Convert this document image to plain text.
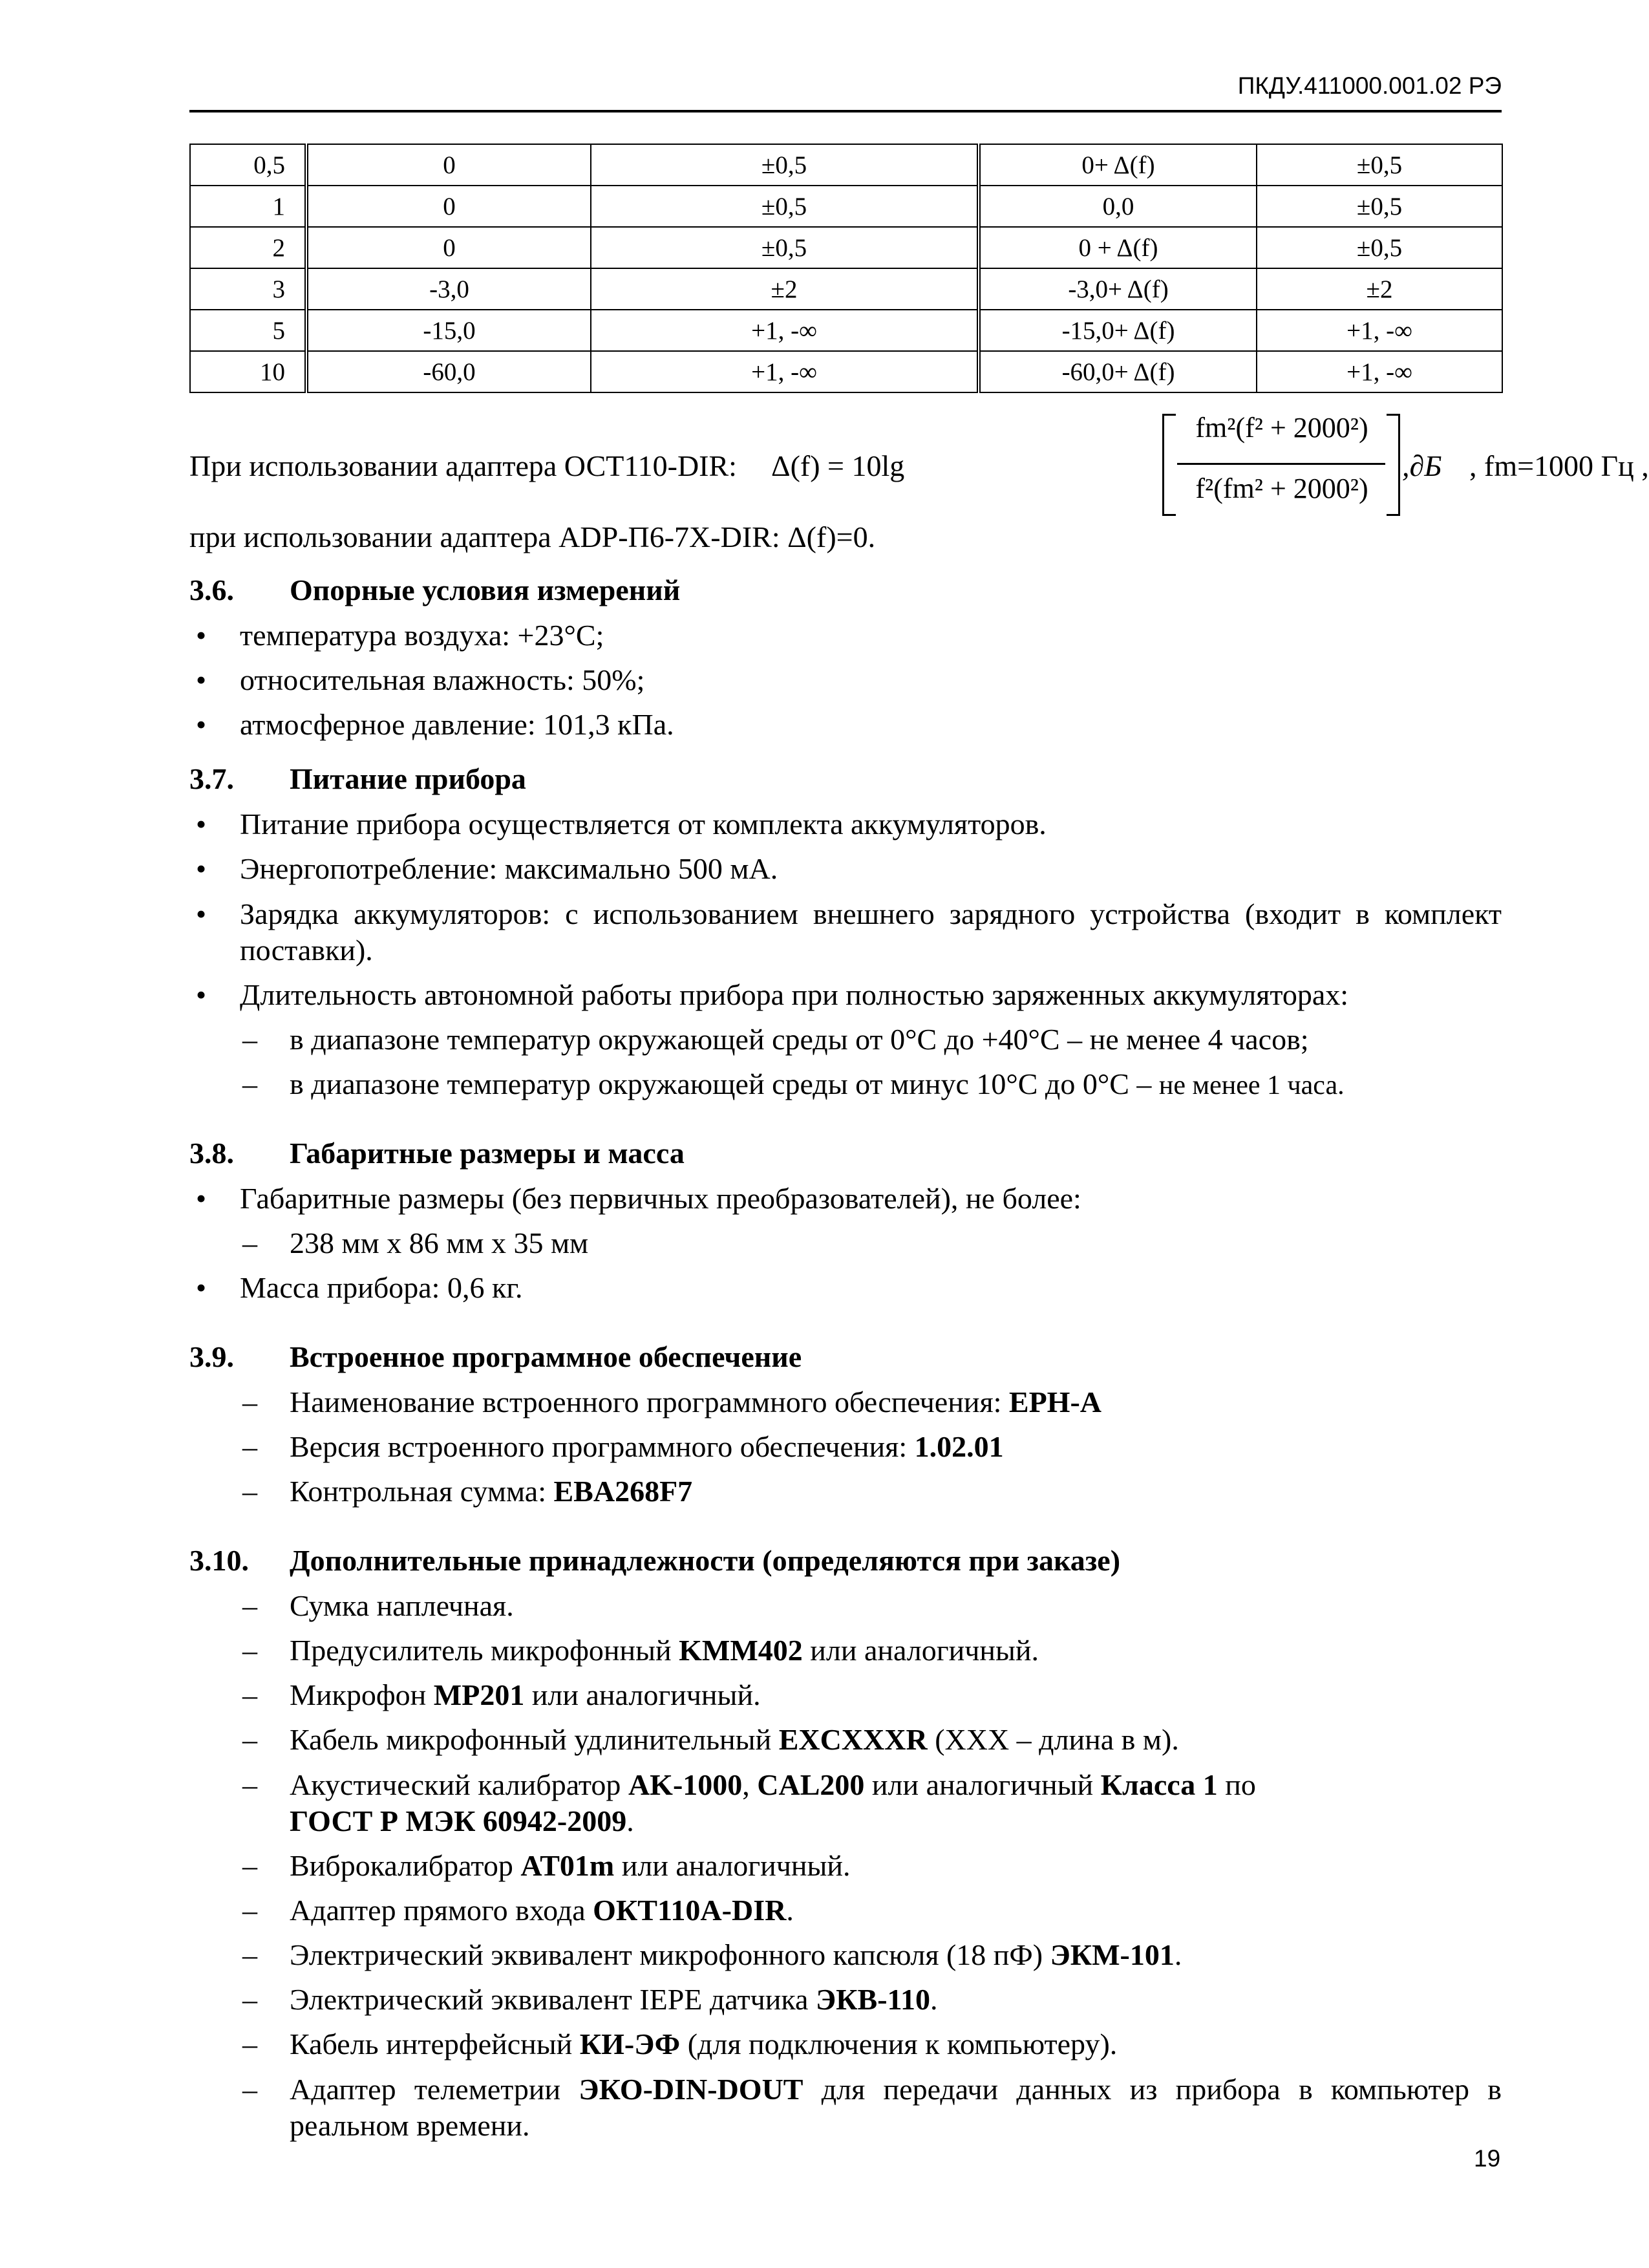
ПКДУ.411000.001.02 РЭ
0,5	0	±0,5	0+ Δ(f)	±0,5
1	0	±0,5	0,0	±0,5
2	0	±0,5	0 + Δ(f)	±0,5
3	-3,0	±2	-3,0+ Δ(f)	±2
5	-15,0	+1, -∞	-15,0+ Δ(f)	+1, -∞
10	-60,0	+1, -∞	-60,0+ Δ(f)	+1, -∞
При использовании адаптера ОСТ110-DIR: Δ(f) = 10lg
fm²(f² + 2000²)
f²(fm² + 2000²)
,∂Б , fm=1000 Гц ,
при использовании адаптера ADP-П6-7X-DIR: Δ(f)=0.
3.6. Опорные условия измерений
• температура воздуха: +23°С;
• относительная влажность: 50%;
• атмосферное давление: 101,3 кПа.
3.7. Питание прибора
• Питание прибора осуществляется от комплекта аккумуляторов.
• Энергопотребление: максимально 500 мА.
• Зарядка аккумуляторов: с использованием внешнего зарядного устройства (входит в комплект поставки).
• Длительность автономной работы прибора при полностью заряженных аккумуляторах:
– в диапазоне температур окружающей среды от 0°С до +40°С – не менее 4 часов;
– в диапазоне температур окружающей среды от минус 10°С до 0°С – не менее 1 часа.
3.8. Габаритные размеры и масса
• Габаритные размеры (без первичных преобразователей), не более:
– 238 мм х 86 мм х 35 мм
• Масса прибора: 0,6 кг.
3.9. Встроенное программное обеспечение
– Наименование встроенного программного обеспечения: EPH-A
– Версия встроенного программного обеспечения: 1.02.01
– Контрольная сумма: EBA268F7
3.10. Дополнительные принадлежности (определяются при заказе)
– Сумка наплечная.
– Предусилитель микрофонный KMM402 или аналогичный.
– Микрофон MP201 или аналогичный.
– Кабель микрофонный удлинительный EXCXXXR (XXX – длина в м).
– Акустический калибратор AK-1000, CAL200 или аналогичный Класса 1 по
ГОСТ Р МЭК 60942-2009.
– Виброкалибратор AT01m или аналогичный.
– Адаптер прямого входа ОКТ110A-DIR.
– Электрический эквивалент микрофонного капсюля (18 пФ) ЭКМ-101.
– Электрический эквивалент IEPE датчика ЭКВ-110.
– Кабель интерфейсный КИ-ЭФ (для подключения к компьютеру).
– Адаптер телеметрии ЭКО-DIN-DOUT для передачи данных из прибора в компьютер в реальном времени.
19
